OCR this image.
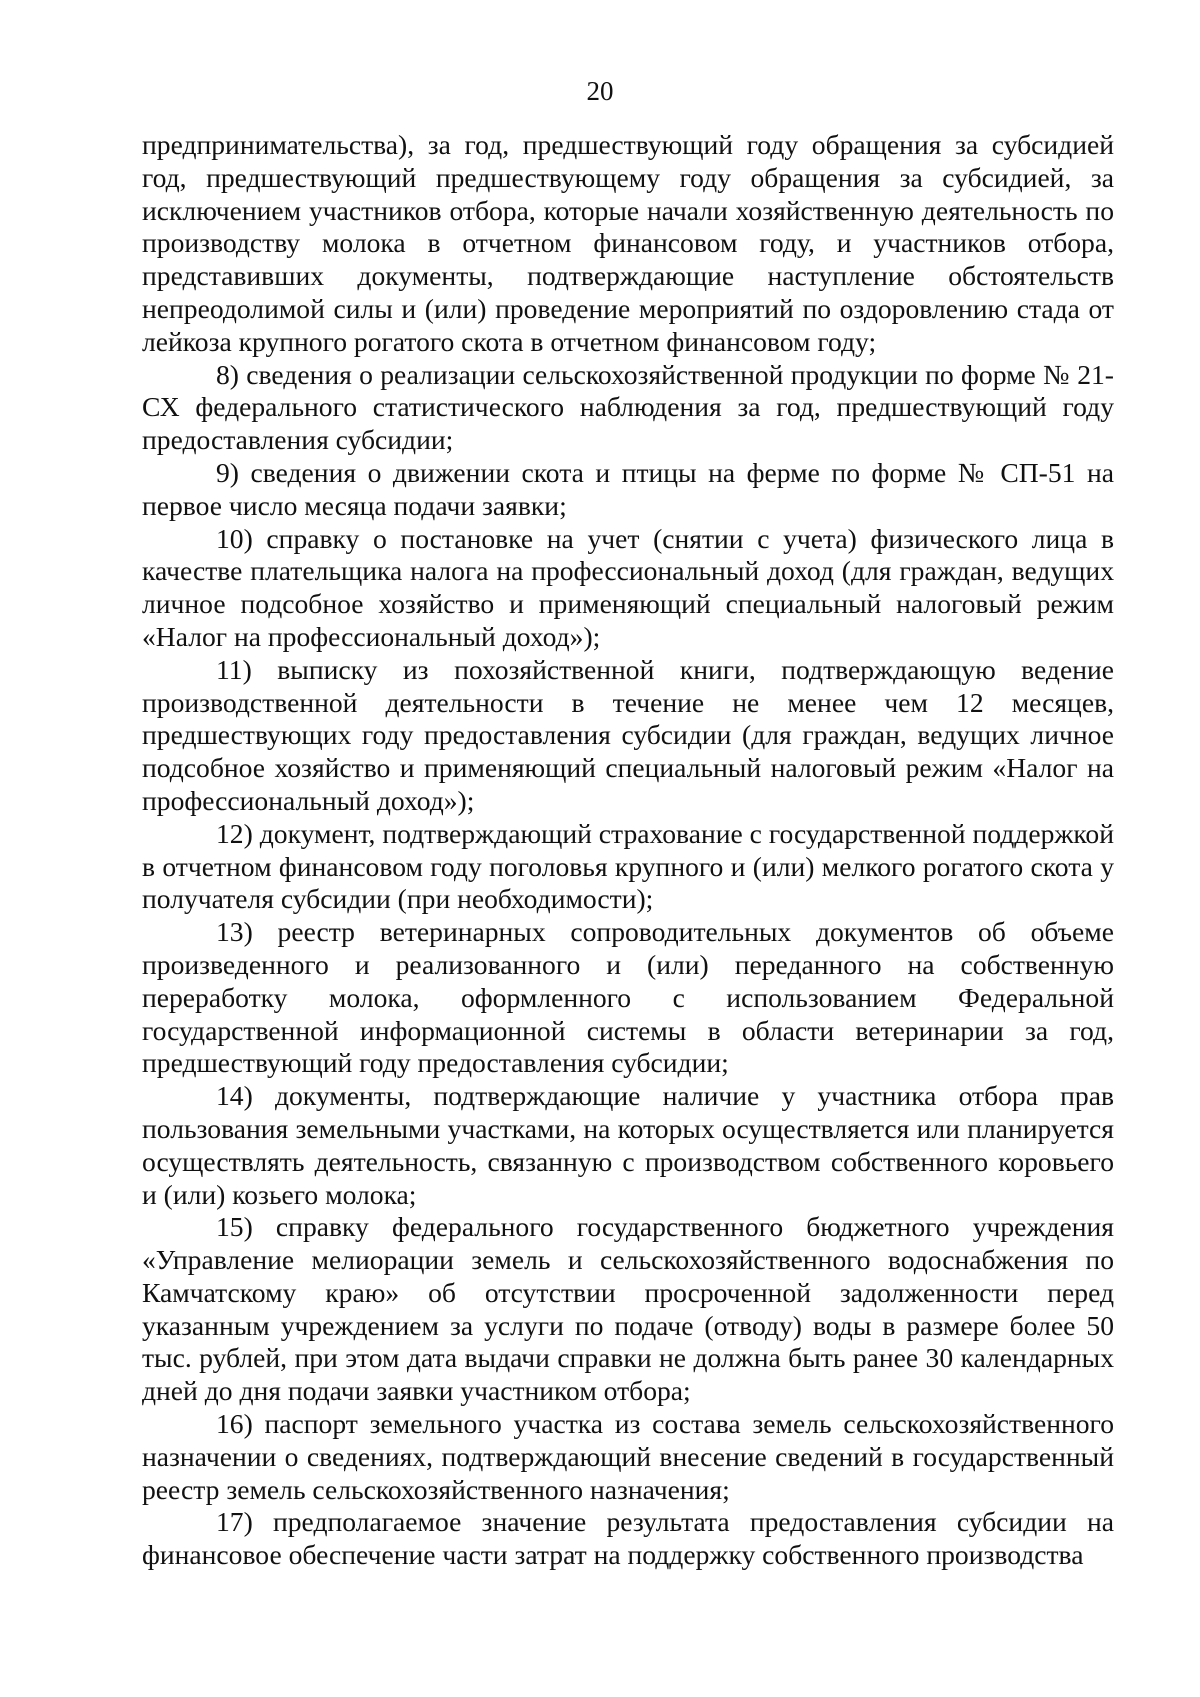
20

предпринимательства), за год, предшествующий году обращения за субсидией год, предшествующий предшествующему году обращения за субсидией, за исключением участников отбора, которые начали хозяйственную деятельность по производству молока в отчетном финансовом году, и участников отбора, представивших документы, подтверждающие наступление обстоятельств непреодолимой силы и (или) проведение мероприятий по оздоровлению стада от лейкоза крупного рогатого скота в отчетном финансовом году;

8) сведения о реализации сельскохозяйственной продукции по форме № 21-СХ федерального статистического наблюдения за год, предшествующий году предоставления субсидии;

9) сведения о движении скота и птицы на ферме по форме № СП-51 на первое число месяца подачи заявки;

10) справку о постановке на учет (снятии с учета) физического лица в качестве плательщика налога на профессиональный доход (для граждан, ведущих личное подсобное хозяйство и применяющий специальный налоговый режим «Налог на профессиональный доход»);

11) выписку из похозяйственной книги, подтверждающую ведение производственной деятельности в течение не менее чем 12 месяцев, предшествующих году предоставления субсидии (для граждан, ведущих личное подсобное хозяйство и применяющий специальный налоговый режим «Налог на профессиональный доход»);

12) документ, подтверждающий страхование с государственной поддержкой в отчетном финансовом году поголовья крупного и (или) мелкого рогатого скота у получателя субсидии (при необходимости);

13) реестр ветеринарных сопроводительных документов об объеме произведенного и реализованного и (или) переданного на собственную переработку молока, оформленного с использованием Федеральной государственной информационной системы в области ветеринарии за год, предшествующий году предоставления субсидии;

14) документы, подтверждающие наличие у участника отбора прав пользования земельными участками, на которых осуществляется или планируется осуществлять деятельность, связанную с производством собственного коровьего и (или) козьего молока;

15) справку федерального государственного бюджетного учреждения «Управление мелиорации земель и сельскохозяйственного водоснабжения по Камчатскому краю» об отсутствии просроченной задолженности перед указанным учреждением за услуги по подаче (отводу) воды в размере более 50 тыс. рублей, при этом дата выдачи справки не должна быть ранее 30 календарных дней до дня подачи заявки участником отбора;

16) паспорт земельного участка из состава земель сельскохозяйственного назначении о сведениях, подтверждающий внесение сведений в государственный реестр земель сельскохозяйственного назначения;

17) предполагаемое значение результата предоставления субсидии на финансовое обеспечение части затрат на поддержку собственного производства
